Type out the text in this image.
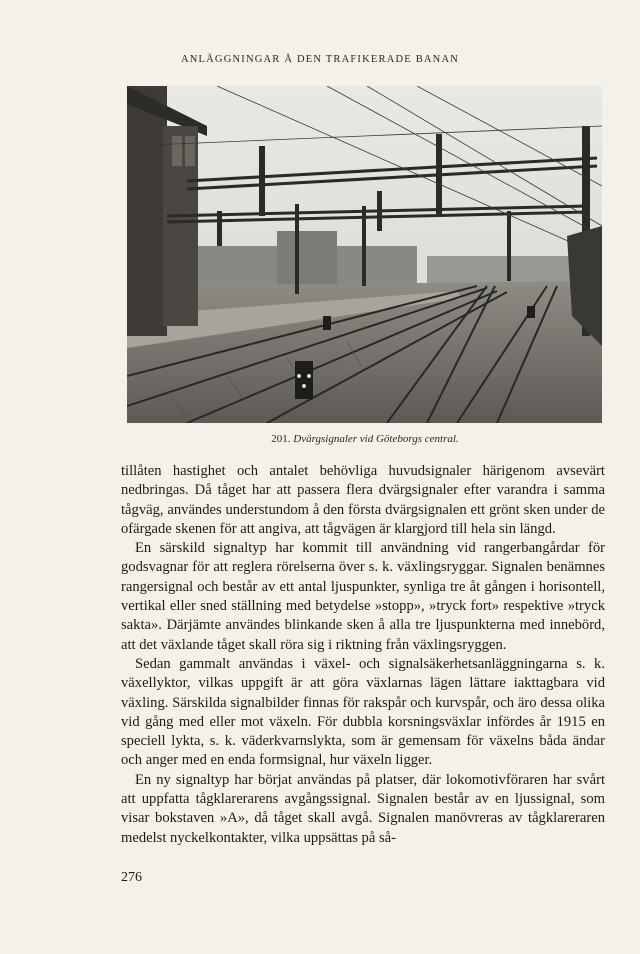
ANLÄGGNINGAR Å DEN TRAFIKERADE BANAN
201. Dvärgsignaler vid Göteborgs central.

tillåten hastighet och antalet behövliga huvudsignaler härigenom avsevärt nedbringas. Då tåget har att passera flera dvärgsignaler efter varandra i samma tågväg, användes understundom å den första dvärgsignalen ett grönt sken under de ofärgade skenen för att angiva, att tågvägen är klargjord till hela sin längd.

En särskild signaltyp har kommit till användning vid rangerbangårdar för godsvagnar för att reglera rörelserna över s. k. växlingsryggar. Signalen benämnes rangersignal och består av ett antal ljuspunkter, synliga tre åt gången i horisontell, vertikal eller sned ställning med betydelse »stopp», »tryck fort» respektive »tryck sakta». Därjämte användes blinkande sken å alla tre ljuspunkterna med innebörd, att det växlande tåget skall röra sig i riktning från växlingsryggen.

Sedan gammalt användas i växel- och signalsäkerhetsanläggningarna s. k. växellyktor, vilkas uppgift är att göra växlarnas lägen lättare iakttagbara vid växling. Särskilda signalbilder finnas för rakspår och kurvspår, och äro dessa olika vid gång med eller mot växeln. För dubbla korsningsväxlar infördes år 1915 en speciell lykta, s. k. väderkvarnslykta, som är gemensam för växelns båda ändar och anger med en enda formsignal, hur växeln ligger.

En ny signaltyp har börjat användas på platser, där lokomotivföraren har svårt att uppfatta tågklarerarens avgångssignal. Signalen består av en ljussignal, som visar bokstaven »A», då tåget skall avgå. Signalen manövreras av tågklareraren medelst nyckelkontakter, vilka uppsättas på så-

276
